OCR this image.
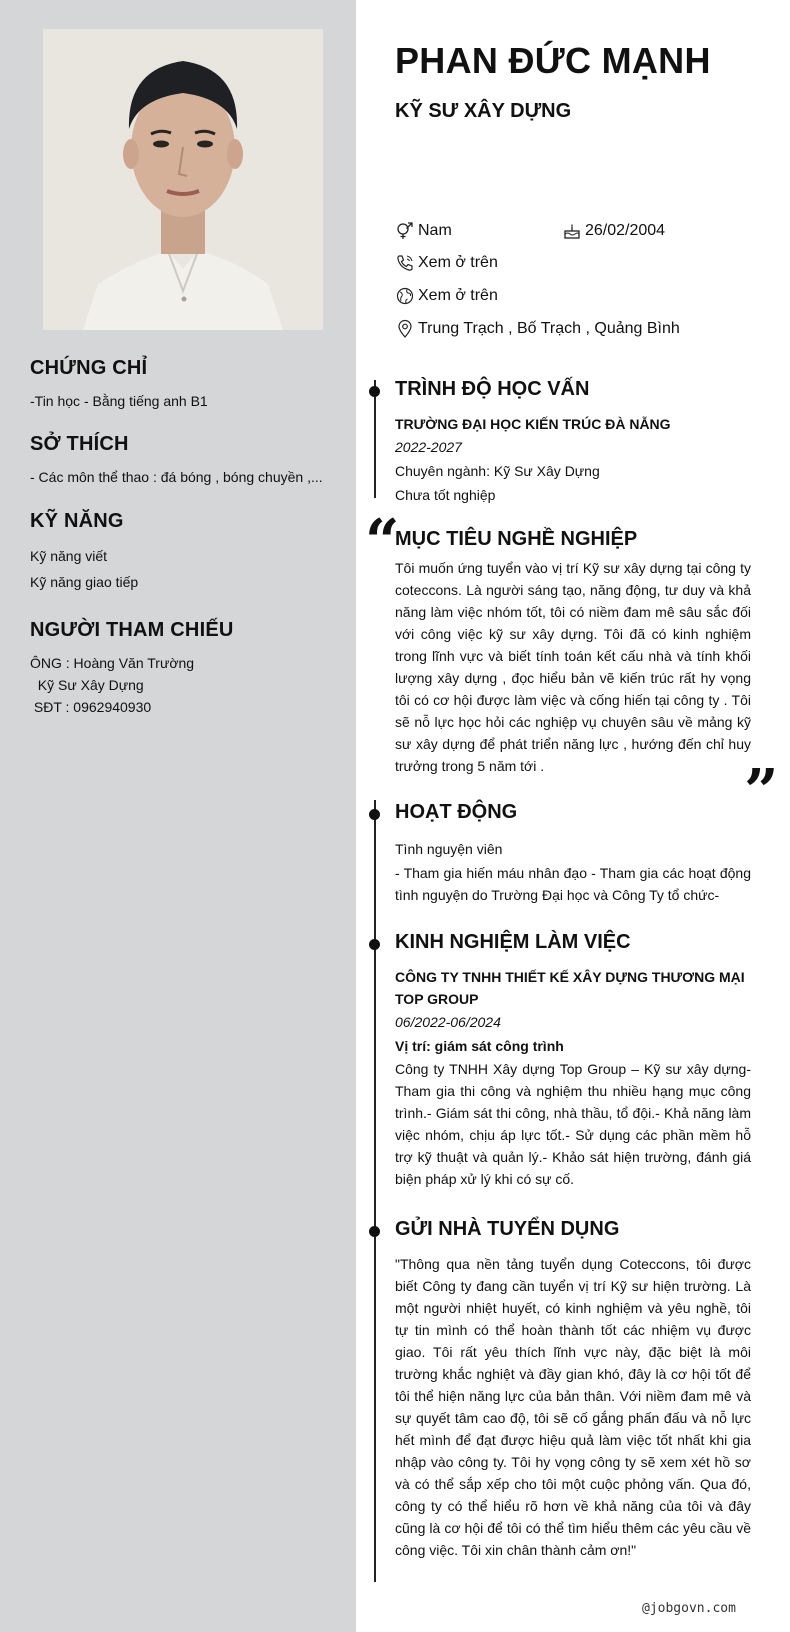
CHỨNG CHỈ
-Tin học - Bằng tiếng anh B1
SỞ THÍCH
- Các môn thể thao : đá bóng , bóng chuyền ,...
KỸ NĂNG
Kỹ năng viết
Kỹ năng giao tiếp
NGƯỜI THAM CHIẾU
ÔNG : Hoàng Văn Trường
Kỹ Sư Xây Dựng
SĐT : 0962940930
PHAN ĐỨC MẠNH
KỸ SƯ XÂY DỰNG
Nam	26/02/2004
Xem ở trên
Xem ở trên
Trung Trạch , Bố Trạch , Quảng Bình
TRÌNH ĐỘ HỌC VẤN
TRƯỜNG ĐẠI HỌC KIẾN TRÚC ĐÀ NẴNG
2022-2027
Chuyên ngành: Kỹ Sư Xây Dựng
Chưa tốt nghiệp
“
MỤC TIÊU NGHỀ NGHIỆP
Tôi muốn ứng tuyển vào vị trí Kỹ sư xây dựng tại công ty coteccons. Là người sáng tạo, năng động, tư duy và khả năng làm việc nhóm tốt, tôi có niềm đam mê sâu sắc đối với công việc kỹ sư xây dựng. Tôi đã có kinh nghiệm trong lĩnh vực và biết tính toán kết cấu nhà và tính khối lượng xây dựng , đọc hiểu bản vẽ kiến trúc rất hy vọng tôi có cơ hội được làm việc và cống hiến tại công ty . Tôi sẽ nỗ lực học hỏi các nghiệp vụ chuyên sâu về mảng kỹ sư xây dựng để phát triển năng lực , hướng đến chỉ huy trưởng trong 5 năm tới .	”
HOẠT ĐỘNG
Tình nguyện viên
- Tham gia hiến máu nhân đạo - Tham gia các hoạt động tình nguyện do Trường Đại học và Công Ty tổ chức-
KINH NGHIỆM LÀM VIỆC
CÔNG TY TNHH THIẾT KẾ XÂY DỰNG THƯƠNG MẠI TOP GROUP
06/2022-06/2024
Vị trí: giám sát công trình
Công ty TNHH Xây dựng Top Group – Kỹ sư xây dựng- Tham gia thi công và nghiệm thu nhiều hạng mục công trình.- Giám sát thi công, nhà thầu, tổ đội.- Khả năng làm việc nhóm, chịu áp lực tốt.- Sử dụng các phần mềm hỗ trợ kỹ thuật và quản lý.- Khảo sát hiện trường, đánh giá biện pháp xử lý khi có sự cố.
GỬI NHÀ TUYỂN DỤNG
"Thông qua nền tảng tuyển dụng Coteccons, tôi được biết Công ty đang cần tuyển vị trí Kỹ sư hiện trường. Là một người nhiệt huyết, có kinh nghiệm và yêu nghề, tôi tự tin mình có thể hoàn thành tốt các nhiệm vụ được giao. Tôi rất yêu thích lĩnh vực này, đặc biệt là môi trường khắc nghiệt và đầy gian khó, đây là cơ hội tốt để tôi thể hiện năng lực của bản thân. Với niềm đam mê và sự quyết tâm cao độ, tôi sẽ cố gắng phấn đấu và nỗ lực hết mình để đạt được hiệu quả làm việc tốt nhất khi gia nhập vào công ty. Tôi hy vọng công ty sẽ xem xét hồ sơ và có thể sắp xếp cho tôi một cuộc phỏng vấn. Qua đó, công ty có thể hiểu rõ hơn về khả năng của tôi và đây cũng là cơ hội để tôi có thể tìm hiểu thêm các yêu cầu về công việc. Tôi xin chân thành cảm ơn!"
@jobgovn.com
